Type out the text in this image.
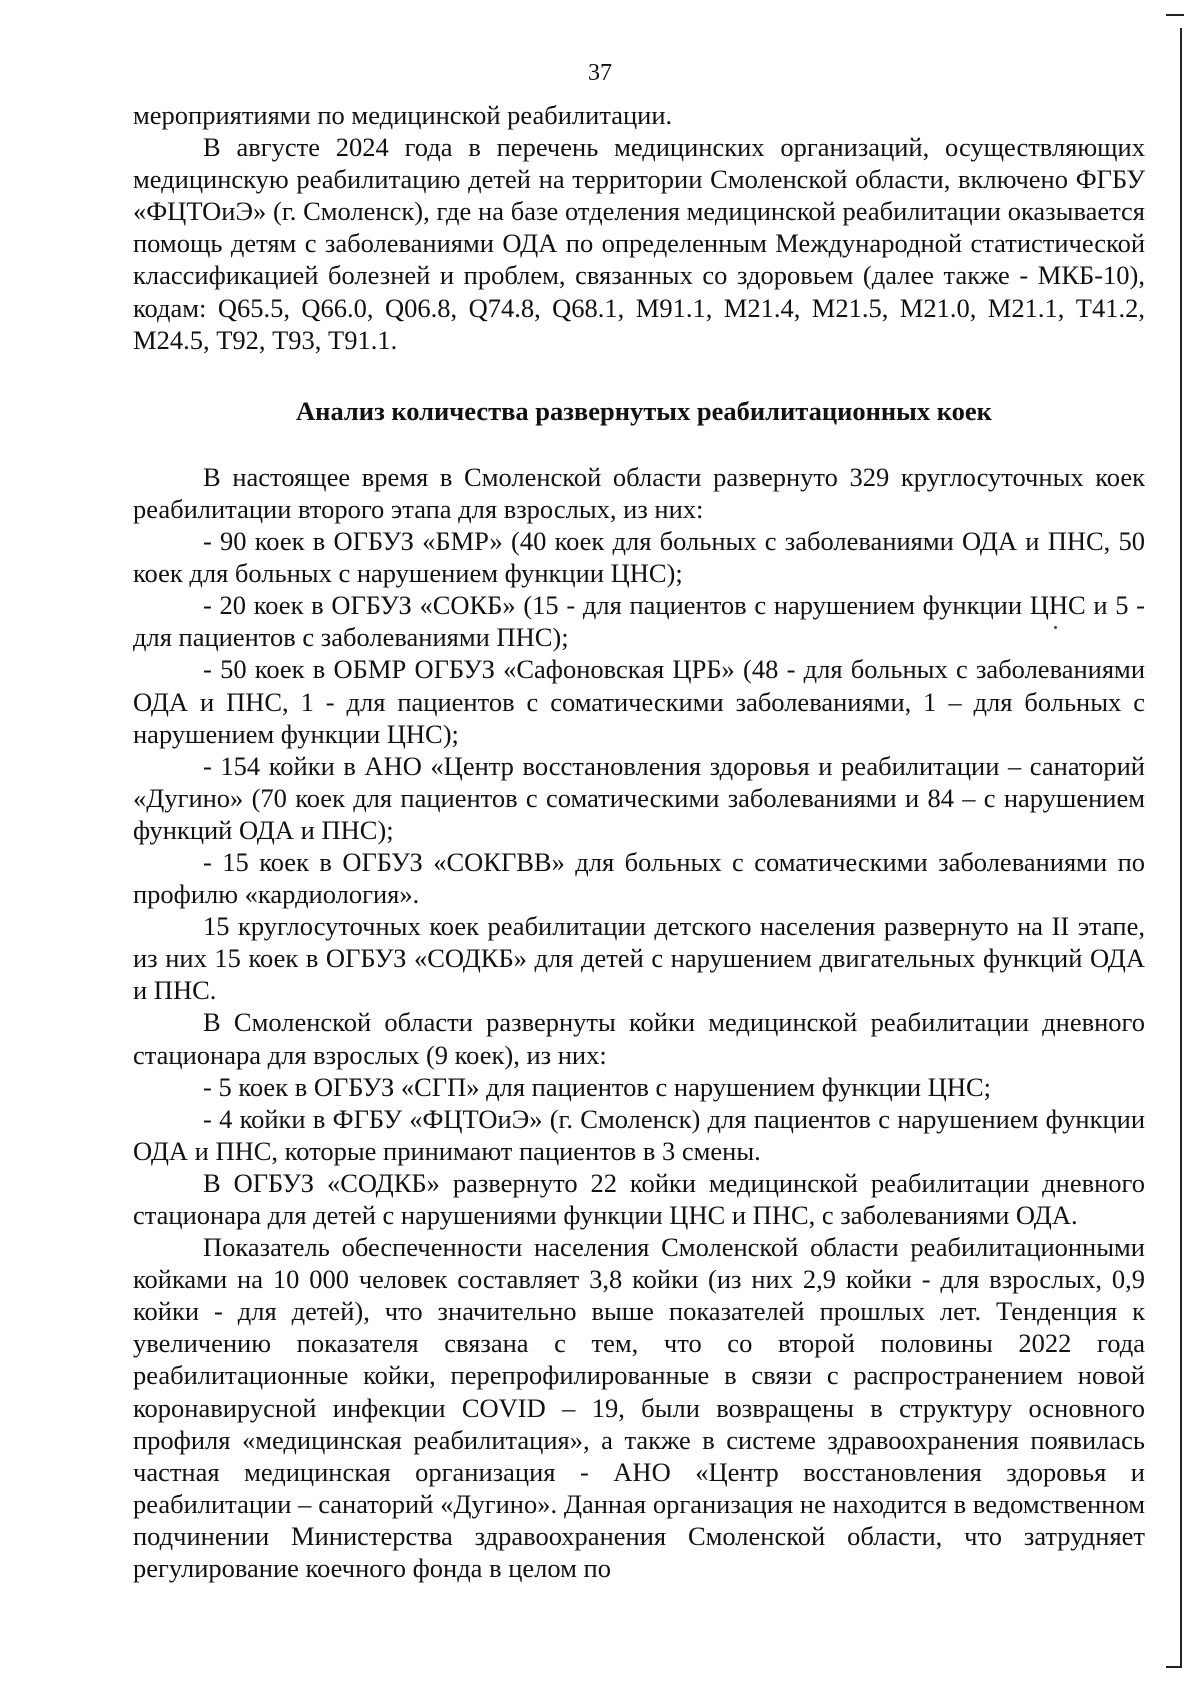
37

мероприятиями по медицинской реабилитации.

В августе 2024 года в перечень медицинских организаций, осуществляющих медицинскую реабилитацию детей на территории Смоленской области, включено ФГБУ «ФЦТОиЭ» (г. Смоленск), где на базе отделения медицинской реабилитации оказывается помощь детям с заболеваниями ОДА по определенным Международной статистической классификацией болезней и проблем, связанных со здоровьем (далее также - МКБ-10), кодам: Q65.5, Q66.0, Q06.8, Q74.8, Q68.1, М91.1, М21.4, М21.5, М21.0, М21.1, Т41.2, М24.5, Т92, Т93, Т91.1.

Анализ количества развернутых реабилитационных коек

В настоящее время в Смоленской области развернуто 329 круглосуточных коек реабилитации второго этапа для взрослых, из них:

- 90 коек в ОГБУЗ «БМР» (40 коек для больных с заболеваниями ОДА и ПНС, 50 коек для больных с нарушением функции ЦНС);

- 20 коек в ОГБУЗ «СОКБ» (15 - для пациентов с нарушением функции ЦНС и 5 - для пациентов с заболеваниями ПНС);

- 50 коек в ОБМР ОГБУЗ «Сафоновская ЦРБ» (48 - для больных с заболеваниями ОДА и ПНС, 1 - для пациентов с соматическими заболеваниями, 1 – для больных с нарушением функции ЦНС);

- 154 койки в АНО «Центр восстановления здоровья и реабилитации – санаторий «Дугино» (70 коек для пациентов с соматическими заболеваниями и 84 – с нарушением функций ОДА и ПНС);

- 15 коек в ОГБУЗ «СОКГВВ» для больных с соматическими заболеваниями по профилю «кардиология».

15 круглосуточных коек реабилитации детского населения развернуто на II этапе, из них 15 коек в ОГБУЗ «СОДКБ» для детей с нарушением двигательных функций ОДА и ПНС.

В Смоленской области развернуты койки медицинской реабилитации дневного стационара для взрослых (9 коек), из них:

- 5 коек в ОГБУЗ «СГП» для пациентов с нарушением функции ЦНС;

- 4 койки в ФГБУ «ФЦТОиЭ» (г. Смоленск) для пациентов с нарушением функции ОДА и ПНС, которые принимают пациентов в 3 смены.

В ОГБУЗ «СОДКБ» развернуто 22 койки медицинской реабилитации дневного стационара для детей с нарушениями функции ЦНС и ПНС, с заболеваниями ОДА.

Показатель обеспеченности населения Смоленской области реабилитационными койками на 10 000 человек составляет 3,8 койки (из них 2,9 койки - для взрослых, 0,9 койки - для детей), что значительно выше показателей прошлых лет. Тенденция к увеличению показателя связана с тем, что со второй половины 2022 года реабилитационные койки, перепрофилированные в связи с распространением новой коронавирусной инфекции COVID – 19, были возвращены в структуру основного профиля «медицинская реабилитация», а также в системе здравоохранения появилась частная медицинская организация - АНО «Центр восстановления здоровья и реабилитации – санаторий «Дугино». Данная организация не находится в ведомственном подчинении Министерства здравоохранения Смоленской области, что затрудняет регулирование коечного фонда в целом по
